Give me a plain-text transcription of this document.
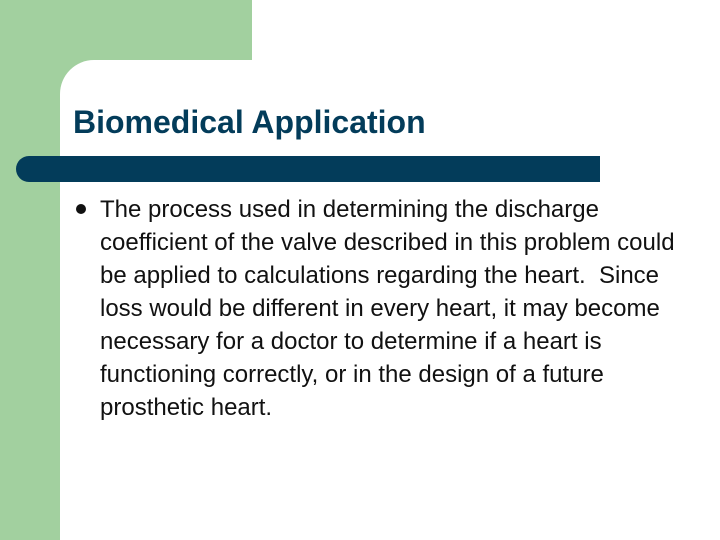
Biomedical Application

The process used in determining the discharge coefficient of the valve described in this problem could be applied to calculations regarding the heart.  Since loss would be different in every heart, it may become necessary for a doctor to determine if a heart is functioning correctly, or in the design of a future prosthetic heart.
